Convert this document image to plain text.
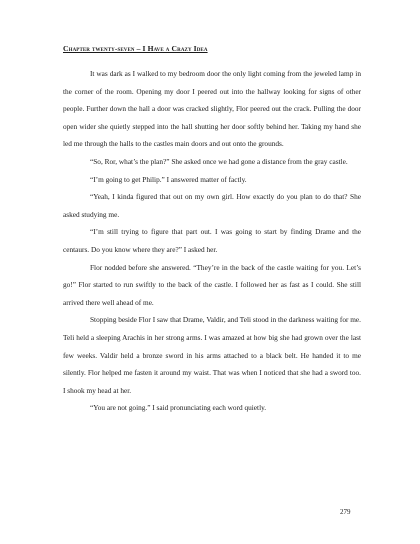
Chapter twenty-seven – I Have a Crazy Idea

It was dark as I walked to my bedroom door the only light coming from the jeweled lamp in the corner of the room. Opening my door I peered out into the hallway looking for signs of other people. Further down the hall a door was cracked slightly, Flor peered out the crack. Pulling the door open wider she quietly stepped into the hall shutting her door softly behind her. Taking my hand she led me through the halls to the castles main doors and out onto the grounds.

“So, Ror, what’s the plan?” She asked once we had gone a distance from the gray castle.

“I’m going to get Philip.” I answered matter of factly.

“Yeah, I kinda figured that out on my own girl. How exactly do you plan to do that? She asked studying me.

“I’m still trying to figure that part out. I was going to start by finding Drame and the centaurs. Do you know where they are?” I asked her.

Flor nodded before she answered. “They’re in the back of the castle waiting for you. Let’s go!” Flor started to run swiftly to the back of the castle. I followed her as fast as I could. She still arrived there well ahead of me.

Stopping beside Flor I saw that Drame, Valdir, and Teli stood in the darkness waiting for me. Teli held a sleeping Arachis in her strong arms. I was amazed at how big she had grown over the last few weeks. Valdir held a bronze sword in his arms attached to a black belt. He handed it to me silently. Flor helped me fasten it around my waist. That was when I noticed that she had a sword too. I shook my head at her.

“You are not going.” I said pronunciating each word quietly.

279
